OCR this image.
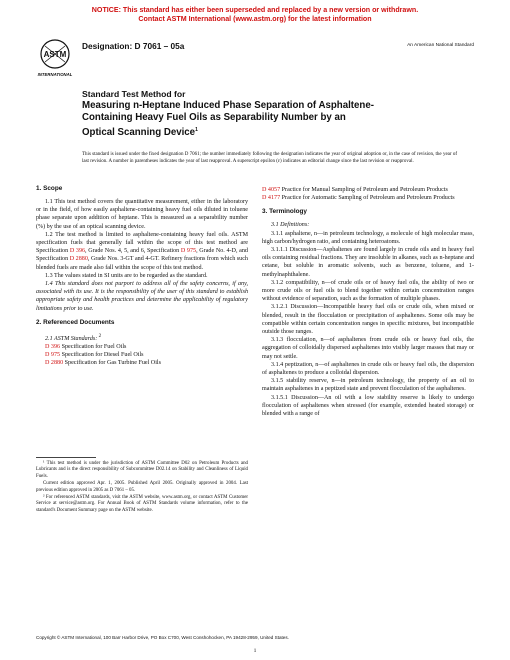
NOTICE: This standard has either been superseded and replaced by a new version or withdrawn.
Contact ASTM International (www.astm.org) for the latest information
ASTM
INTERNATIONAL
Designation: D 7061 – 05a	An American National Standard
Standard Test Method for
Measuring n-Heptane Induced Phase Separation of Asphaltene-
Containing Heavy Fuel Oils as Separability Number by an
Optical Scanning Device$^1$
This standard is issued under the fixed designation D 7061; the number immediately following the designation indicates the year of original adoption or, in the case of revision, the year of last revision. A number in parentheses indicates the year of last reapproval. A superscript epsilon (ε) indicates an editorial change since the last revision or reapproval.
1. Scope

1.1 This test method covers the quantitative measurement, either in the laboratory or in the field, of how easily asphaltene-containing heavy fuel oils diluted in toluene phase separate upon addition of heptane. This is measured as a separability number (%) by the use of an optical scanning device.

1.2 The test method is limited to asphaltene-containing heavy fuel oils. ASTM specification fuels that generally fall within the scope of this test method are Specification D 396, Grade Nos. 4, 5, and 6, Specification D 975, Grade No. 4-D, and Specification D 2880, Grade Nos. 3-GT and 4-GT. Refinery fractions from which such blended fuels are made also fall within the scope of this test method.

1.3 The values stated in SI units are to be regarded as the standard.

1.4 This standard does not purport to address all of the safety concerns, if any, associated with its use. It is the responsibility of the user of this standard to establish appropriate safety and health practices and determine the applicability of regulatory limitations prior to use.

2. Referenced Documents

2.1 ASTM Standards: $^2$

D 396 Specification for Fuel Oils

D 975 Specification for Diesel Fuel Oils

D 2880 Specification for Gas Turbine Fuel Oils

¹ This test method is under the jurisdiction of ASTM Committee D02 on Petroleum Products and Lubricants and is the direct responsibility of Subcommittee D02.14 on Stability and Cleanliness of Liquid Fuels.

Current edition approved Apr. 1, 2005. Published April 2005. Originally approved in 2004. Last previous edition approved in 2005 as D 7061 – 05.

² For referenced ASTM standards, visit the ASTM website, www.astm.org, or contact ASTM Customer Service at service@astm.org. For Annual Book of ASTM Standards volume information, refer to the standard's Document Summary page on the ASTM website.

D 4057 Practice for Manual Sampling of Petroleum and Petroleum Products

D 4177 Practice for Automatic Sampling of Petroleum and Petroleum Products

3. Terminology

3.1 Definitions:

3.1.1 asphaltene, n—in petroleum technology, a molecule of high molecular mass, high carbon/hydrogen ratio, and containing heteroatoms.

3.1.1.1 Discussion—Asphaltenes are found largely in crude oils and in heavy fuel oils containing residual fractions. They are insoluble in alkanes, such as n-heptane and cetane, but soluble in aromatic solvents, such as benzene, toluene, and 1-methylnaphthalene.

3.1.2 compatibility, n—of crude oils or of heavy fuel oils, the ability of two or more crude oils or fuel oils to blend together within certain concentration ranges without evidence of separation, such as the formation of multiple phases.

3.1.2.1 Discussion—Incompatible heavy fuel oils or crude oils, when mixed or blended, result in the flocculation or precipitation of asphaltenes. Some oils may be compatible within certain concentration ranges in specific mixtures, but incompatible outside those ranges.

3.1.3 flocculation, n—of asphaltenes from crude oils or heavy fuel oils, the aggregation of colloidally dispersed asphaltenes into visibly larger masses that may or may not settle.

3.1.4 peptization, n—of asphaltenes in crude oils or heavy fuel oils, the dispersion of asphaltenes to produce a colloidal dispersion.

3.1.5 stability reserve, n—in petroleum technology, the property of an oil to maintain asphaltenes in a peptized state and prevent flocculation of the asphaltenes.

3.1.5.1 Discussion—An oil with a low stability reserve is likely to undergo flocculation of asphaltenes when stressed (for example, extended heated storage) or blended with a range of

Copyright © ASTM International, 100 Barr Harbor Drive, PO Box C700, West Conshohocken, PA 19428-2959, United States.
1
